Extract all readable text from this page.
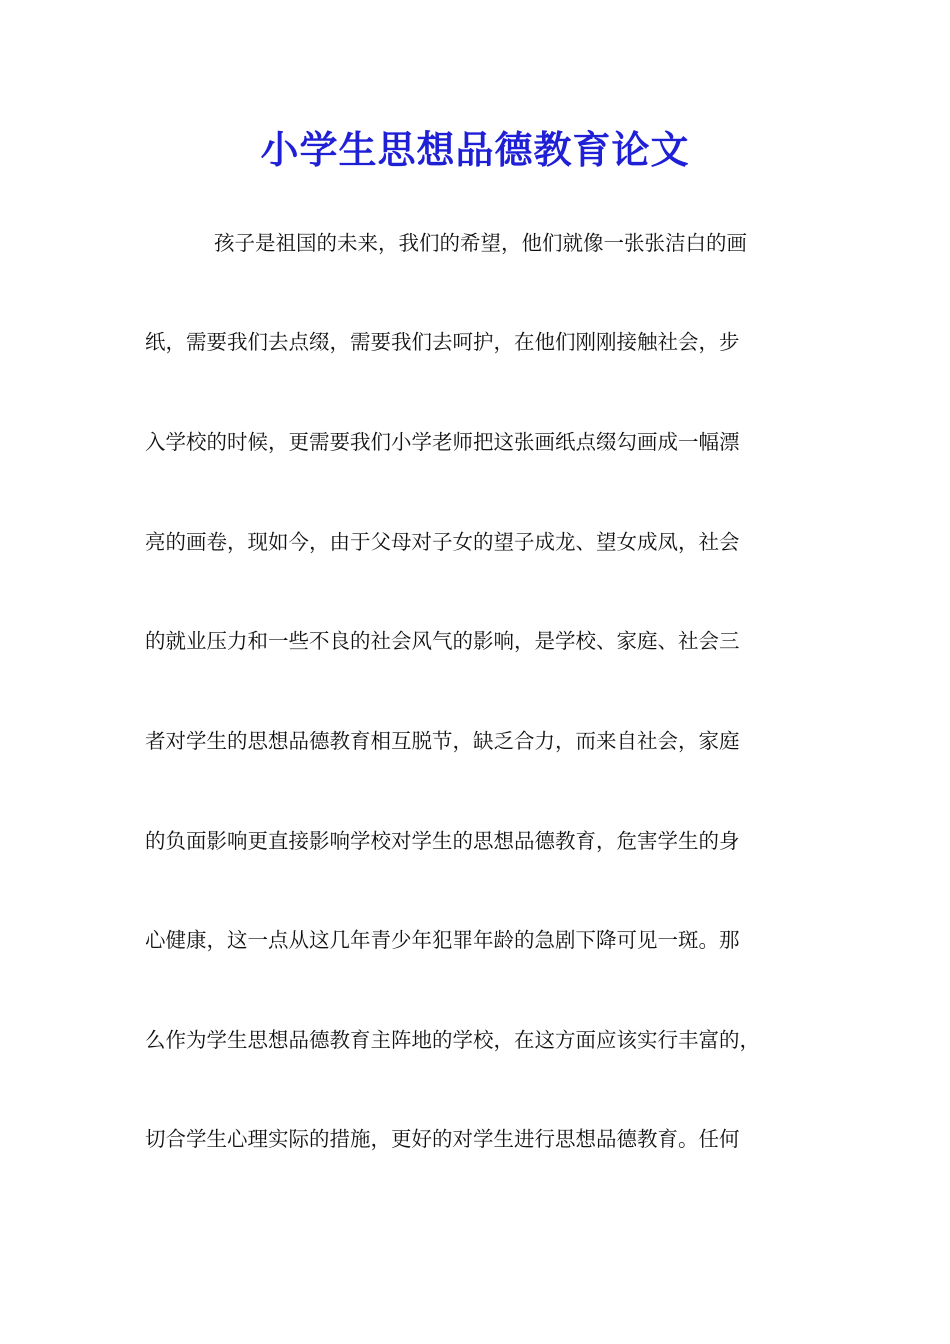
小学生思想品德教育论文
孩子是祖国的未来，我们的希望，他们就像一张张洁白的画
纸，需要我们去点缀，需要我们去呵护，在他们刚刚接触社会，步
入学校的时候，更需要我们小学老师把这张画纸点缀勾画成一幅漂
亮的画卷，现如今，由于父母对子女的望子成龙、望女成凤，社会
的就业压力和一些不良的社会风气的影响，是学校、家庭、社会三
者对学生的思想品德教育相互脱节，缺乏合力，而来自社会，家庭
的负面影响更直接影响学校对学生的思想品德教育，危害学生的身
心健康，这一点从这几年青少年犯罪年龄的急剧下降可见一斑。那
么作为学生思想品德教育主阵地的学校，在这方面应该实行丰富的，
切合学生心理实际的措施，更好的对学生进行思想品德教育。任何
